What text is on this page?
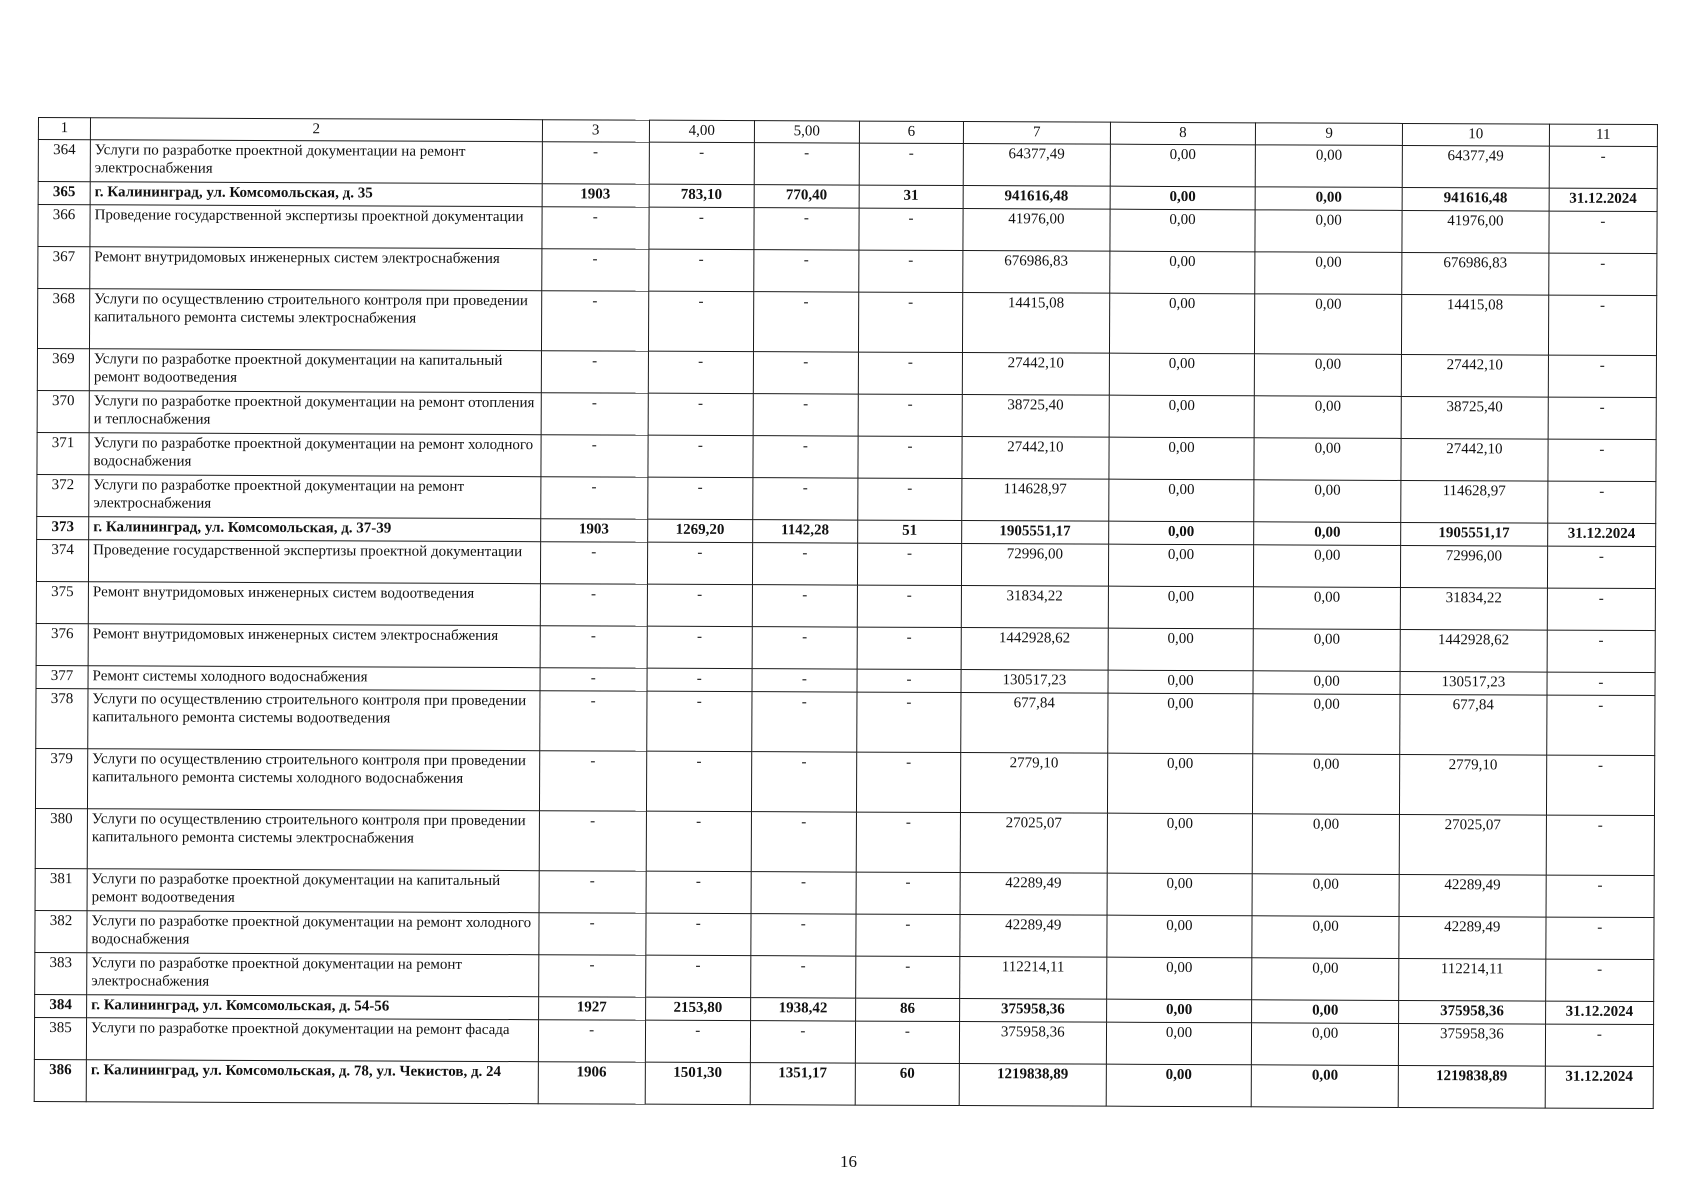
1	2	3	4,00	5,00	6	7	8	9	10	11
364	Услуги по разработке проектной документации на ремонт электроснабжения	-	-	-	-	64377,49	0,00	0,00	64377,49	-
365	г. Калининград, ул. Комсомольская, д. 35	1903	783,10	770,40	31	941616,48	0,00	0,00	941616,48	31.12.2024
366	Проведение государственной экспертизы проектной документации	-	-	-	-	41976,00	0,00	0,00	41976,00	-
367	Ремонт внутридомовых инженерных систем электроснабжения	-	-	-	-	676986,83	0,00	0,00	676986,83	-
368	Услуги по осуществлению строительного контроля при проведении капитального ремонта системы электроснабжения	-	-	-	-	14415,08	0,00	0,00	14415,08	-
369	Услуги по разработке проектной документации на капитальный ремонт водоотведения	-	-	-	-	27442,10	0,00	0,00	27442,10	-
370	Услуги по разработке проектной документации на ремонт отопления и теплоснабжения	-	-	-	-	38725,40	0,00	0,00	38725,40	-
371	Услуги по разработке проектной документации на ремонт холодного водоснабжения	-	-	-	-	27442,10	0,00	0,00	27442,10	-
372	Услуги по разработке проектной документации на ремонт электроснабжения	-	-	-	-	114628,97	0,00	0,00	114628,97	-
373	г. Калининград, ул. Комсомольская, д. 37-39	1903	1269,20	1142,28	51	1905551,17	0,00	0,00	1905551,17	31.12.2024
374	Проведение государственной экспертизы проектной документации	-	-	-	-	72996,00	0,00	0,00	72996,00	-
375	Ремонт внутридомовых инженерных систем водоотведения	-	-	-	-	31834,22	0,00	0,00	31834,22	-
376	Ремонт внутридомовых инженерных систем электроснабжения	-	-	-	-	1442928,62	0,00	0,00	1442928,62	-
377	Ремонт системы холодного водоснабжения	-	-	-	-	130517,23	0,00	0,00	130517,23	-
378	Услуги по осуществлению строительного контроля при проведении капитального ремонта системы водоотведения	-	-	-	-	677,84	0,00	0,00	677,84	-
379	Услуги по осуществлению строительного контроля при проведении капитального ремонта системы холодного водоснабжения	-	-	-	-	2779,10	0,00	0,00	2779,10	-
380	Услуги по осуществлению строительного контроля при проведении капитального ремонта системы электроснабжения	-	-	-	-	27025,07	0,00	0,00	27025,07	-
381	Услуги по разработке проектной документации на капитальный ремонт водоотведения	-	-	-	-	42289,49	0,00	0,00	42289,49	-
382	Услуги по разработке проектной документации на ремонт холодного водоснабжения	-	-	-	-	42289,49	0,00	0,00	42289,49	-
383	Услуги по разработке проектной документации на ремонт электроснабжения	-	-	-	-	112214,11	0,00	0,00	112214,11	-
384	г. Калининград, ул. Комсомольская, д. 54-56	1927	2153,80	1938,42	86	375958,36	0,00	0,00	375958,36	31.12.2024
385	Услуги по разработке проектной документации на ремонт фасада	-	-	-	-	375958,36	0,00	0,00	375958,36	-
386	г. Калининград, ул. Комсомольская, д. 78, ул. Чекистов, д. 24	1906	1501,30	1351,17	60	1219838,89	0,00	0,00	1219838,89	31.12.2024
16
